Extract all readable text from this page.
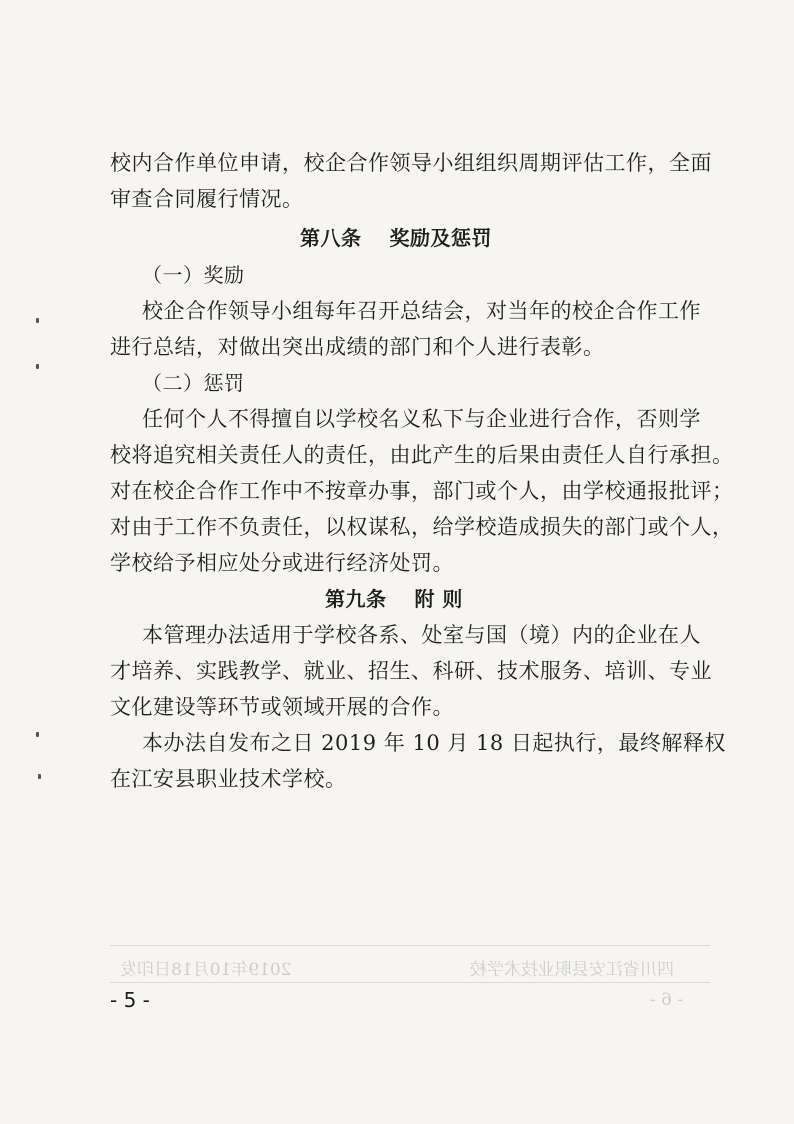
校内合作单位申请，校企合作领导小组组织周期评估工作，全面
审查合同履行情况。
第八条　 奖励及惩罚
（一）奖励
校企合作领导小组每年召开总结会，对当年的校企合作工作
进行总结，对做出突出成绩的部门和个人进行表彰。
（二）惩罚
任何个人不得擅自以学校名义私下与企业进行合作，否则学
校将追究相关责任人的责任，由此产生的后果由责任人自行承担。
对在校企合作工作中不按章办事，部门或个人，由学校通报批评；
对由于工作不负责任，以权谋私，给学校造成损失的部门或个人，
学校给予相应处分或进行经济处罚。
第九条　 附 则
本管理办法适用于学校各系、处室与国（境）内的企业在人
才培养、实践教学、就业、招生、科研、技术服务、培训、专业
文化建设等环节或领域开展的合作。
本办法自发布之日 2019 年 10 月 18 日起执行，最终解释权
在江安县职业技术学校。
四川省江安县职业技术学校
2019年10月18日印发
- 6 -
- 5 -
